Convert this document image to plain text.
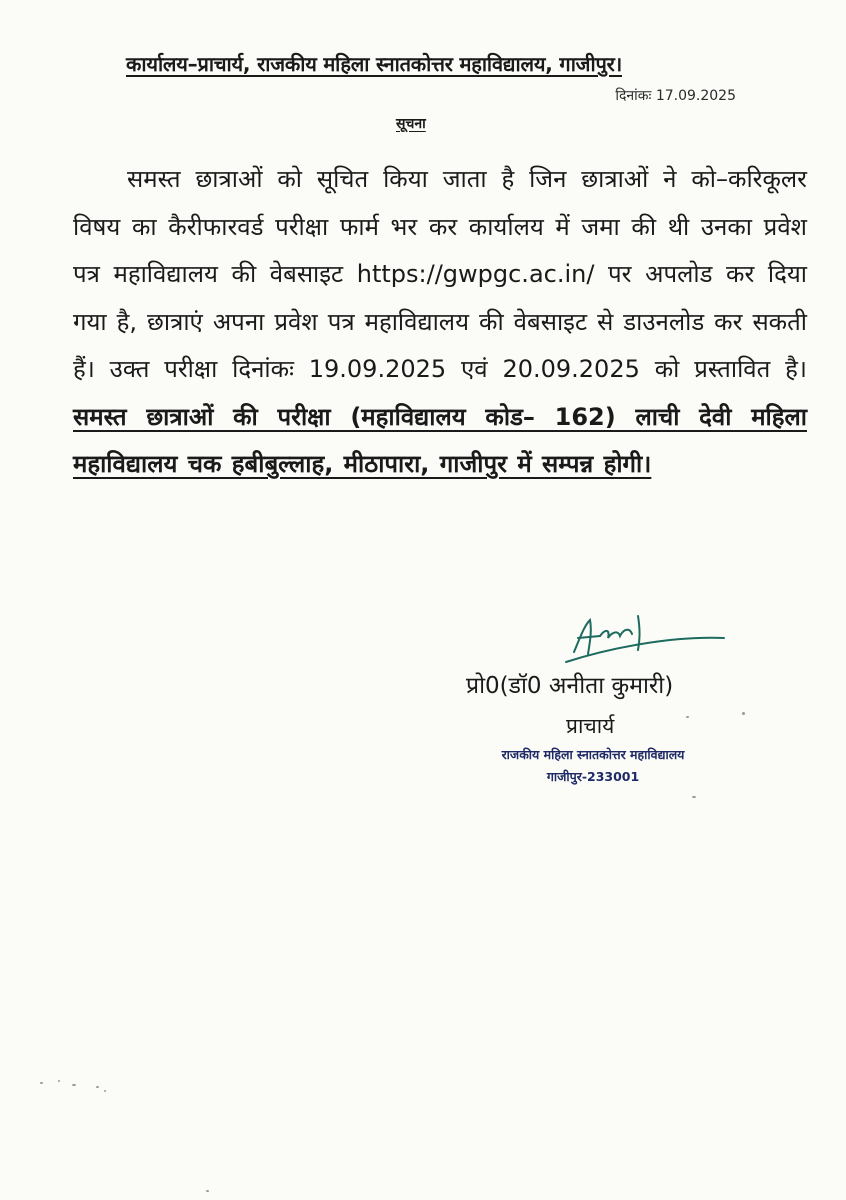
कार्यालय–प्राचार्य, राजकीय महिला स्नातकोत्तर महाविद्यालय, गाजीपुर।
दिनांकः 17.09.2025
सूचना
समस्त छात्राओं को सूचित किया जाता है जिन छात्राओं ने को–करिकूलर विषय का कैरीफारवर्ड परीक्षा फार्म भर कर कार्यालय में जमा की थी उनका प्रवेश पत्र महाविद्यालय की वेबसाइट https://gwpgc.ac.in/ पर अपलोड कर दिया गया है, छात्राएं अपना प्रवेश पत्र महाविद्यालय की वेबसाइट से डाउनलोड कर सकती हैं। उक्त परीक्षा दिनांकः 19.09.2025 एवं 20.09.2025 को प्रस्तावित है। समस्त छात्राओं की परीक्षा (महाविद्यालय कोड– 162) लाची देवी महिला महाविद्यालय चक हबीबुल्लाह, मीठापारा, गाजीपुर में सम्पन्न होगी।
प्रो0(डॉ0 अनीता कुमारी)
प्राचार्य
राजकीय महिला स्नातकोत्तर महाविद्यालय
गाजीपुर-233001
